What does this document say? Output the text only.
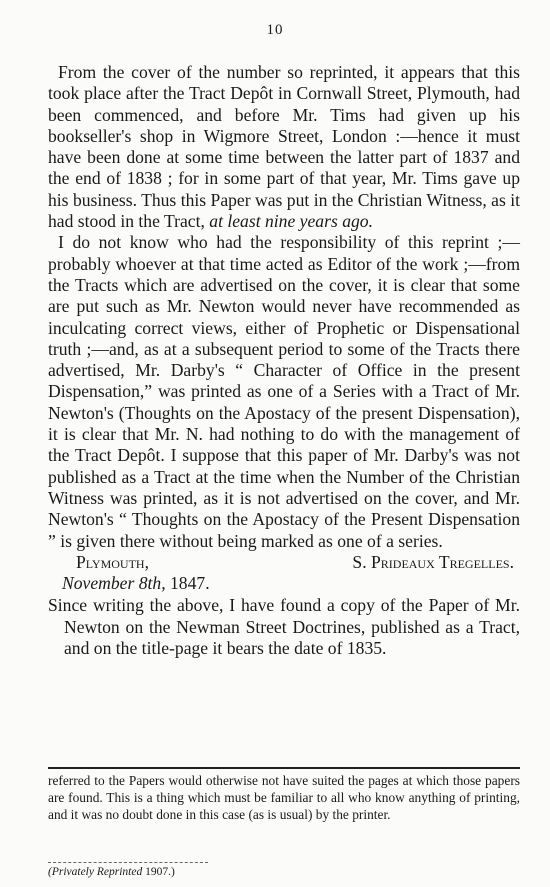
10

From the cover of the number so reprinted, it appears that this took place after the Tract Depôt in Cornwall Street, Plymouth, had been commenced, and before Mr. Tims had given up his bookseller's shop in Wigmore Street, London :—hence it must have been done at some time between the latter part of 1837 and the end of 1838 ; for in some part of that year, Mr. Tims gave up his business. Thus this Paper was put in the Christian Witness, as it had stood in the Tract, at least nine years ago.

I do not know who had the responsibility of this reprint ;—probably whoever at that time acted as Editor of the work ;—from the Tracts which are advertised on the cover, it is clear that some are put such as Mr. Newton would never have recommended as inculcating correct views, either of Prophetic or Dispensational truth ;—and, as at a subsequent period to some of the Tracts there advertised, Mr. Darby's “ Character of Office in the present Dispensation,” was printed as one of a Series with a Tract of Mr. Newton's (Thoughts on the Apostacy of the present Dispensation), it is clear that Mr. N. had nothing to do with the management of the Tract Depôt. I suppose that this paper of Mr. Darby's was not published as a Tract at the time when the Number of the Christian Witness was printed, as it is not advertised on the cover, and Mr. Newton's “ Thoughts on the Apostacy of the Present Dispensation ” is given there without being marked as one of a series.

Plymouth,	S. Prideaux Tregelles.
November 8th, 1847.

Since writing the above, I have found a copy of the Paper of Mr. Newton on the Newman Street Doctrines, published as a Tract, and on the title-page it bears the date of 1835.

referred to the Papers would otherwise not have suited the pages at which those papers are found. This is a thing which must be familiar to all who know anything of printing, and it was no doubt done in this case (as is usual) by the printer.

(Privately Reprinted 1907.)
